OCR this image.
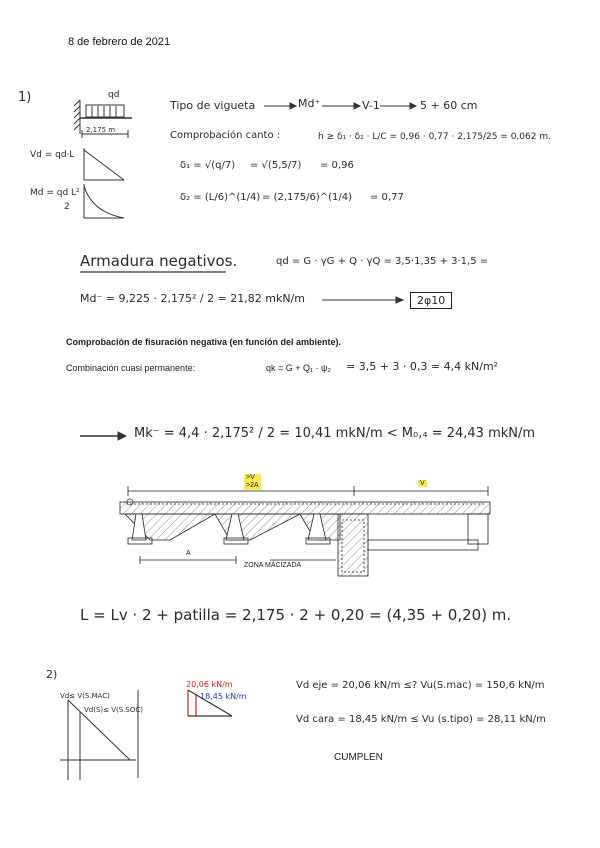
8 de febrero de 2021
1)	qd
2,175 m
Vd = qd·L
Md = qd L²
2
Tipo de vigueta	Md⁺	V-1	5 + 60 cm
Comprobación canto :	h ≥ δ₁ · δ₂ · L/C = 0,96 · 0,77 · 2,175/25 = 0,062 m.
δ₁ = √(q/7) = √(5,5/7) = 0,96
δ₂ = (L/6)^(1/4) = (2,175/6)^(1/4) = 0,77
Armadura negativos.	qd = G · γG + Q · γQ = 3,5·1,35 + 3·1,5 =
Md⁻ = 9,225 · 2,175² / 2 = 21,82 mkN/m	2φ10
Comprobación de fisuración negativa (en función del ambiente).
Combinación cuasi permanente:	qk = G + Q₁ · ψ₂ = 3,5 + 3 · 0,3 = 4,4 kN/m²
Mk⁻ = 4,4 · 2,175² / 2 = 10,41 mkN/m < M₀,₄ = 24,43 mkN/m
>V
>2A	V
A
ZONA MACIZADA
L = Lv · 2 + patilla = 2,175 · 2 + 0,20 = (4,35 + 0,20) m.
2)
Vd≤ V(S.MAC)
Vd(S)≤ V(S.SOC)
20,06 kN/m
18,45 kN/m
Vd eje = 20,06 kN/m ≤? Vu(S.mac) = 150,6 kN/m
Vd cara = 18,45 kN/m ≤ Vu (s.tipo) = 28,11 kN/m
CUMPLEN
